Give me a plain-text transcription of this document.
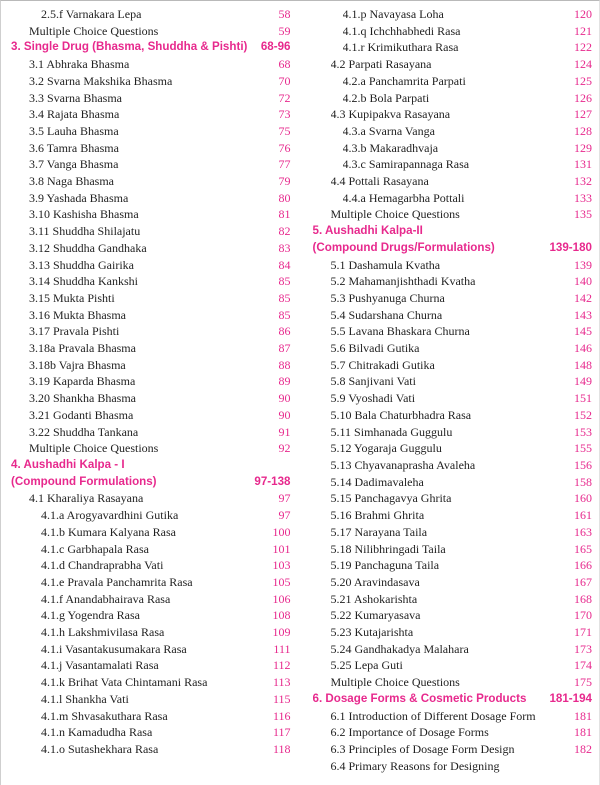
2.5.f Varnakara Lepa	58
Multiple Choice Questions	59
3. Single Drug (Bhasma, Shuddha & Pishti)	68-96
3.1 Abhraka Bhasma	68
3.2 Svarna Makshika Bhasma	70
3.3 Svarna Bhasma	72
3.4 Rajata Bhasma	73
3.5 Lauha Bhasma	75
3.6 Tamra Bhasma	76
3.7 Vanga Bhasma	77
3.8 Naga Bhasma	79
3.9 Yashada Bhasma	80
3.10 Kashisha Bhasma	81
3.11 Shuddha Shilajatu	82
3.12 Shuddha Gandhaka	83
3.13 Shuddha Gairika	84
3.14 Shuddha Kankshi	85
3.15 Mukta Pishti	85
3.16 Mukta Bhasma	85
3.17 Pravala Pishti	86
3.18a Pravala Bhasma	87
3.18b Vajra Bhasma	88
3.19 Kaparda Bhasma	89
3.20 Shankha Bhasma	90
3.21 Godanti Bhasma	90
3.22 Shuddha Tankana	91
Multiple Choice Questions	92
4. Aushadhi Kalpa - I
(Compound Formulations)	97-138
4.1 Kharaliya Rasayana	97
4.1.a Arogyavardhini Gutika	97
4.1.b Kumara Kalyana Rasa	100
4.1.c Garbhapala Rasa	101
4.1.d Chandraprabha Vati	103
4.1.e Pravala Panchamrita Rasa	105
4.1.f Anandabhairava Rasa	106
4.1.g Yogendra Rasa	108
4.1.h Lakshmivilasa Rasa	109
4.1.i Vasantakusumakara Rasa	111
4.1.j Vasantamalati Rasa	112
4.1.k Brihat Vata Chintamani Rasa	113
4.1.l Shankha Vati	115
4.1.m Shvasakuthara Rasa	116
4.1.n Kamadudha Rasa	117
4.1.o Sutashekhara Rasa	118
4.1.p Navayasa Loha	120
4.1.q Ichchhabhedi Rasa	121
4.1.r Krimikuthara Rasa	122
4.2 Parpati Rasayana	124
4.2.a Panchamrita Parpati	125
4.2.b Bola Parpati	126
4.3 Kupipakva Rasayana	127
4.3.a Svarna Vanga	128
4.3.b Makaradhvaja	129
4.3.c Samirapannaga Rasa	131
4.4 Pottali Rasayana	132
4.4.a Hemagarbha Pottali	133
Multiple Choice Questions	135
5. Aushadhi Kalpa-II
(Compound Drugs/Formulations)	139-180
5.1 Dashamula Kvatha	139
5.2 Mahamanjishthadi Kvatha	140
5.3 Pushyanuga Churna	142
5.4 Sudarshana Churna	143
5.5 Lavana Bhaskara Churna	145
5.6 Bilvadi Gutika	146
5.7 Chitrakadi Gutika	148
5.8 Sanjivani Vati	149
5.9 Vyoshadi Vati	151
5.10 Bala Chaturbhadra Rasa	152
5.11 Simhanada Guggulu	153
5.12 Yogaraja Guggulu	155
5.13 Chyavanaprasha Avaleha	156
5.14 Dadimavaleha	158
5.15 Panchagavya Ghrita	160
5.16 Brahmi Ghrita	161
5.17 Narayana Taila	163
5.18 Nilibhringadi Taila	165
5.19 Panchaguna Taila	166
5.20 Aravindasava	167
5.21 Ashokarishta	168
5.22 Kumaryasava	170
5.23 Kutajarishta	171
5.24 Gandhakadya Malahara	173
5.25 Lepa Guti	174
Multiple Choice Questions	175
6. Dosage Forms & Cosmetic Products	181-194
6.1 Introduction of Different Dosage Form	181
6.2 Importance of Dosage Forms	181
6.3 Principles of Dosage Form Design	182
6.4 Primary Reasons for Designing
